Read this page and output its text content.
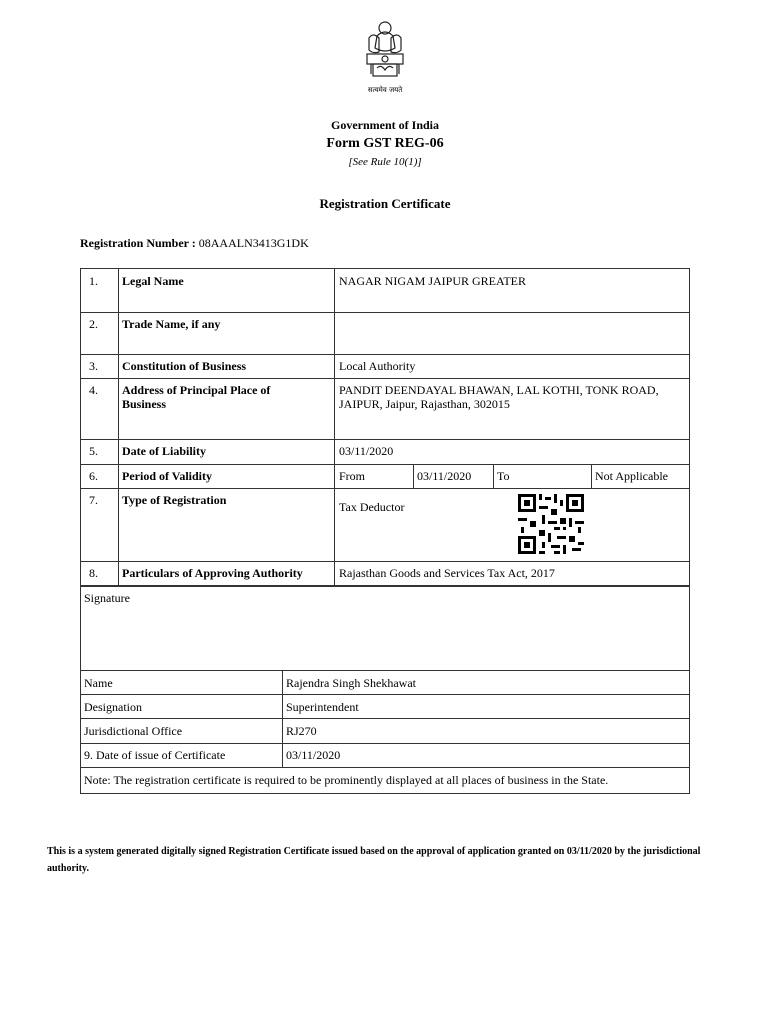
सत्यमेव जयते
Government of India
Form GST REG-06
[See Rule 10(1)]
Registration Certificate
Registration Number : 08AAALN3413G1DK
1. Legal Name	NAGAR NIGAM JAIPUR GREATER
2. Trade Name, if any
3. Constitution of Business	Local Authority
4. Address of Principal Place of Business
PANDIT DEENDAYAL BHAWAN, LAL KOTHI, TONK ROAD, JAIPUR, Jaipur, Rajasthan, 302015
5. Date of Liability	03/11/2020
6. Period of Validity	From	03/11/2020 To	Not Applicable
7. Type of Registration	Tax Deductor
8. Particulars of Approving Authority	Rajasthan Goods and Services Tax Act, 2017
Signature
Name	Rajendra Singh Shekhawat
Designation	Superintendent
Jurisdictional Office	RJ270
9. Date of issue of Certificate	03/11/2020
Note: The registration certificate is required to be prominently displayed at all places of business in the State.
This is a system generated digitally signed Registration Certificate issued based on the approval of application granted on 03/11/2020 by the jurisdictional authority.
